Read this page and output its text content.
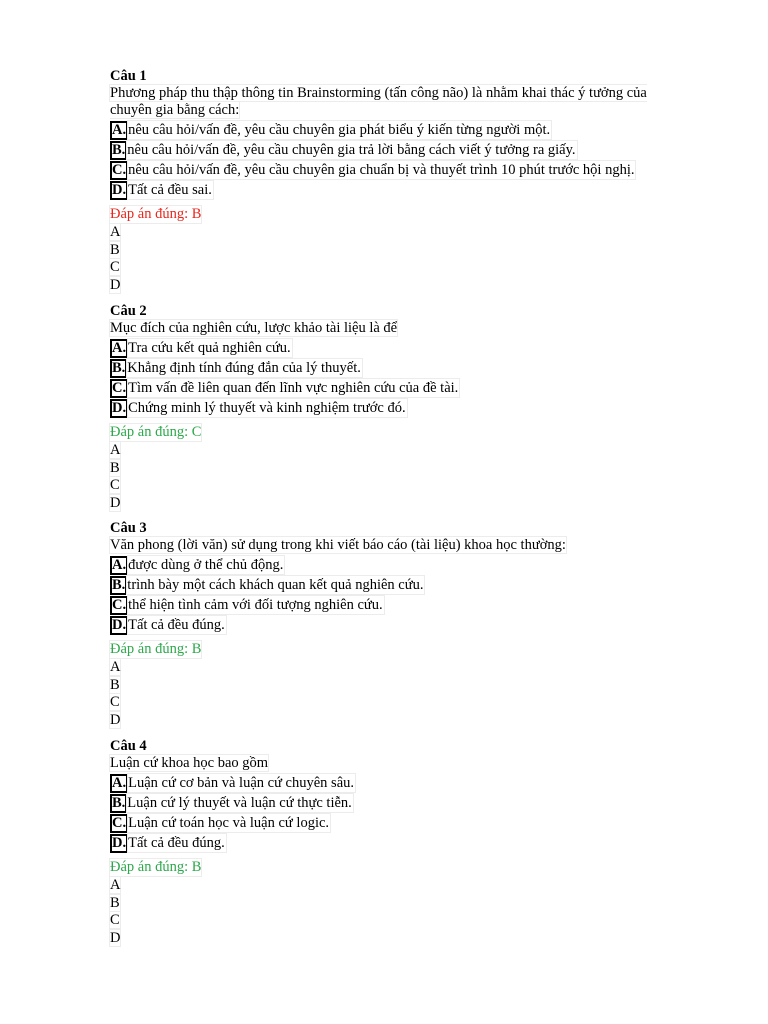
Câu 1
Phương pháp thu thập thông tin Brainstorming (tấn công não) là nhằm khai thác ý tưởng của chuyên gia bằng cách:
A. nêu câu hỏi/vấn đề, yêu cầu chuyên gia phát biểu ý kiến từng người một.
B. nêu câu hỏi/vấn đề, yêu cầu chuyên gia trả lời bằng cách viết ý tưởng ra giấy.
C. nêu câu hỏi/vấn đề, yêu cầu chuyên gia chuẩn bị và thuyết trình 10 phút trước hội nghị.
D. Tất cả đều sai.
Đáp án đúng: B
A
B
C
D
Câu 2
Mục đích của nghiên cứu, lược khảo tài liệu là để
A. Tra cứu kết quả nghiên cứu.
B. Khẳng định tính đúng đắn của lý thuyết.
C. Tìm vấn đề liên quan đến lĩnh vực nghiên cứu của đề tài.
D. Chứng minh lý thuyết và kinh nghiệm trước đó.
Đáp án đúng: C
A
B
C
D
Câu 3
Văn phong (lời văn) sử dụng trong khi viết báo cáo (tài liệu) khoa học thường:
A. được dùng ở thể chủ động.
B. trình bày một cách khách quan kết quả nghiên cứu.
C. thể hiện tình cảm với đối tượng nghiên cứu.
D. Tất cả đều đúng.
Đáp án đúng: B
A
B
C
D
Câu 4
Luận cứ khoa học bao gồm
A. Luận cứ cơ bản và luận cứ chuyên sâu.
B. Luận cứ lý thuyết và luận cứ thực tiễn.
C. Luận cứ toán học và luận cứ logic.
D. Tất cả đều đúng.
Đáp án đúng: B
A
B
C
D
